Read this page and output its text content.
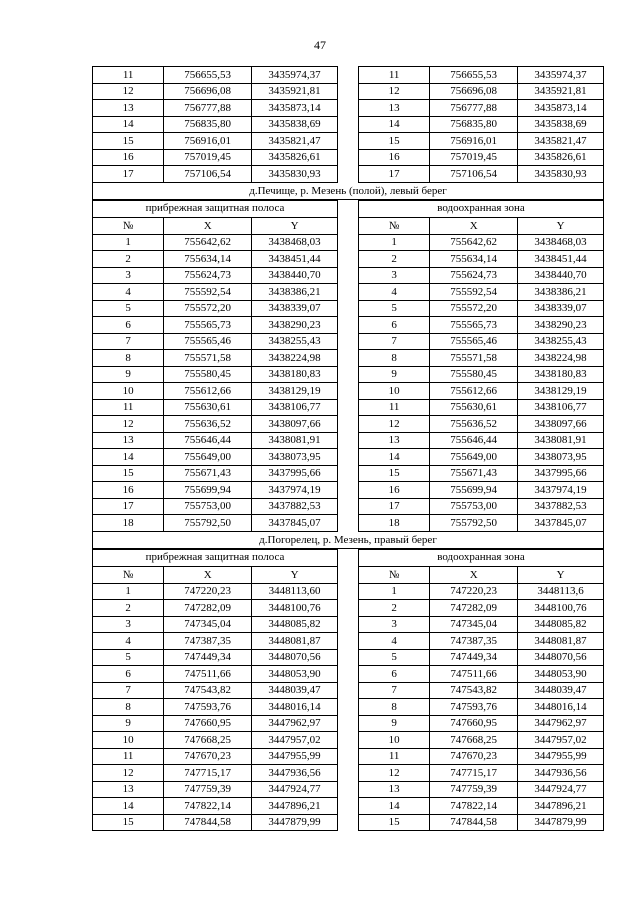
47
11	756655,53	3435974,37
12	756696,08	3435921,81
13	756777,88	3435873,14
14	756835,80	3435838,69
15	756916,01	3435821,47
16	757019,45	3435826,61
17	757106,54	3435830,93
11	756655,53	3435974,37
12	756696,08	3435921,81
13	756777,88	3435873,14
14	756835,80	3435838,69
15	756916,01	3435821,47
16	757019,45	3435826,61
17	757106,54	3435830,93
д.Печище, р. Мезень (полой), левый берег
прибрежная защитная полоса
№	X	Y
1	755642,62	3438468,03
2	755634,14	3438451,44
3	755624,73	3438440,70
4	755592,54	3438386,21
5	755572,20	3438339,07
6	755565,73	3438290,23
7	755565,46	3438255,43
8	755571,58	3438224,98
9	755580,45	3438180,83
10	755612,66	3438129,19
11	755630,61	3438106,77
12	755636,52	3438097,66
13	755646,44	3438081,91
14	755649,00	3438073,95
15	755671,43	3437995,66
16	755699,94	3437974,19
17	755753,00	3437882,53
18	755792,50	3437845,07
водоохранная зона
№	X	Y
1	755642,62	3438468,03
2	755634,14	3438451,44
3	755624,73	3438440,70
4	755592,54	3438386,21
5	755572,20	3438339,07
6	755565,73	3438290,23
7	755565,46	3438255,43
8	755571,58	3438224,98
9	755580,45	3438180,83
10	755612,66	3438129,19
11	755630,61	3438106,77
12	755636,52	3438097,66
13	755646,44	3438081,91
14	755649,00	3438073,95
15	755671,43	3437995,66
16	755699,94	3437974,19
17	755753,00	3437882,53
18	755792,50	3437845,07
д.Погорелец, р. Мезень, правый берег
прибрежная защитная полоса
№	X	Y
1	747220,23	3448113,60
2	747282,09	3448100,76
3	747345,04	3448085,82
4	747387,35	3448081,87
5	747449,34	3448070,56
6	747511,66	3448053,90
7	747543,82	3448039,47
8	747593,76	3448016,14
9	747660,95	3447962,97
10	747668,25	3447957,02
11	747670,23	3447955,99
12	747715,17	3447936,56
13	747759,39	3447924,77
14	747822,14	3447896,21
15	747844,58	3447879,99
водоохранная зона
№	X	Y
1	747220,23	3448113,6
2	747282,09	3448100,76
3	747345,04	3448085,82
4	747387,35	3448081,87
5	747449,34	3448070,56
6	747511,66	3448053,90
7	747543,82	3448039,47
8	747593,76	3448016,14
9	747660,95	3447962,97
10	747668,25	3447957,02
11	747670,23	3447955,99
12	747715,17	3447936,56
13	747759,39	3447924,77
14	747822,14	3447896,21
15	747844,58	3447879,99
